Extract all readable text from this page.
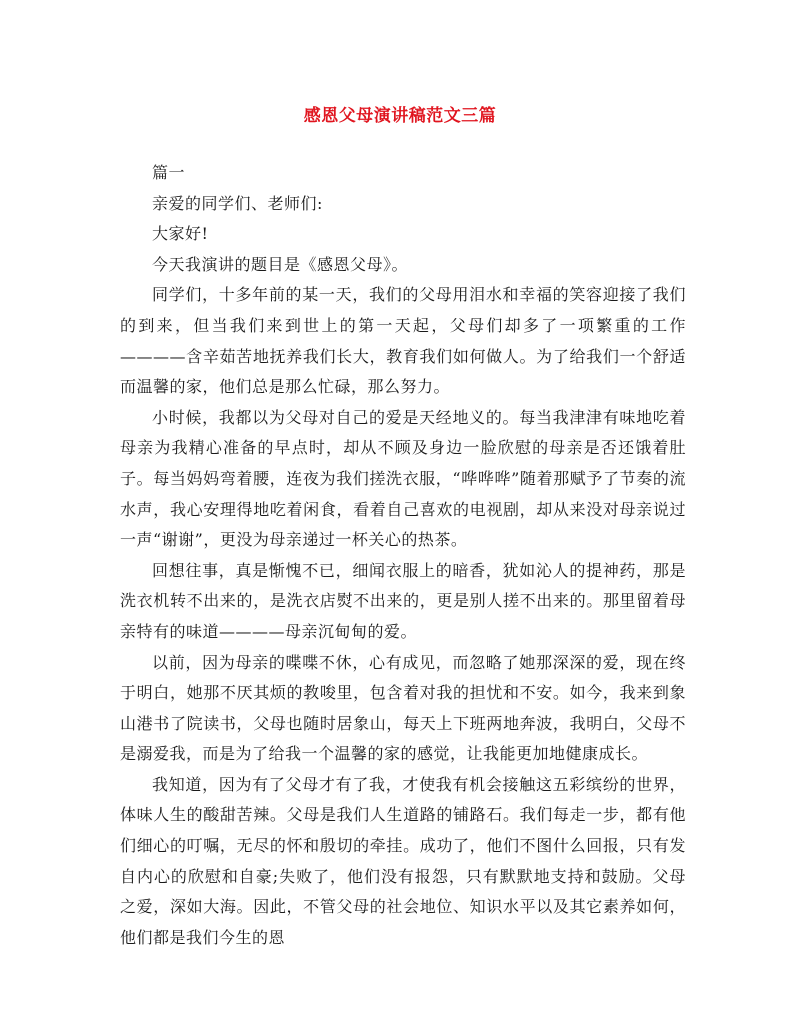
感恩父母演讲稿范文三篇

篇一

亲爱的同学们、老师们:

大家好!

今天我演讲的题目是《感恩父母》。

同学们，十多年前的某一天，我们的父母用泪水和幸福的笑容迎接了我们的到来，但当我们来到世上的第一天起，父母们却多了一项繁重的工作————含辛茹苦地抚养我们长大，教育我们如何做人。为了给我们一个舒适而温馨的家，他们总是那么忙碌，那么努力。

小时候，我都以为父母对自己的爱是天经地义的。每当我津津有味地吃着母亲为我精心准备的早点时，却从不顾及身边一脸欣慰的母亲是否还饿着肚子。每当妈妈弯着腰，连夜为我们搓洗衣服，“哗哗哗”随着那赋予了节奏的流水声，我心安理得地吃着闲食，看着自己喜欢的电视剧，却从来没对母亲说过一声“谢谢”，更没为母亲递过一杯关心的热茶。

回想往事，真是惭愧不已，细闻衣服上的暗香，犹如沁人的提神药，那是洗衣机转不出来的，是洗衣店熨不出来的，更是别人搓不出来的。那里留着母亲特有的味道————母亲沉甸甸的爱。

以前，因为母亲的喋喋不休，心有成见，而忽略了她那深深的爱，现在终于明白，她那不厌其烦的教唆里，包含着对我的担忧和不安。如今，我来到象山港书了院读书，父母也随时居象山，每天上下班两地奔波，我明白，父母不是溺爱我，而是为了给我一个温馨的家的感觉，让我能更加地健康成长。

我知道，因为有了父母才有了我，才使我有机会接触这五彩缤纷的世界，体味人生的酸甜苦辣。父母是我们人生道路的铺路石。我们每走一步，都有他们细心的叮嘱，无尽的怀和殷切的牵挂。成功了，他们不图什么回报，只有发自内心的欣慰和自豪;失败了，他们没有报怨，只有默默地支持和鼓励。父母之爱，深如大海。因此，不管父母的社会地位、知识水平以及其它素养如何，他们都是我们今生的恩
